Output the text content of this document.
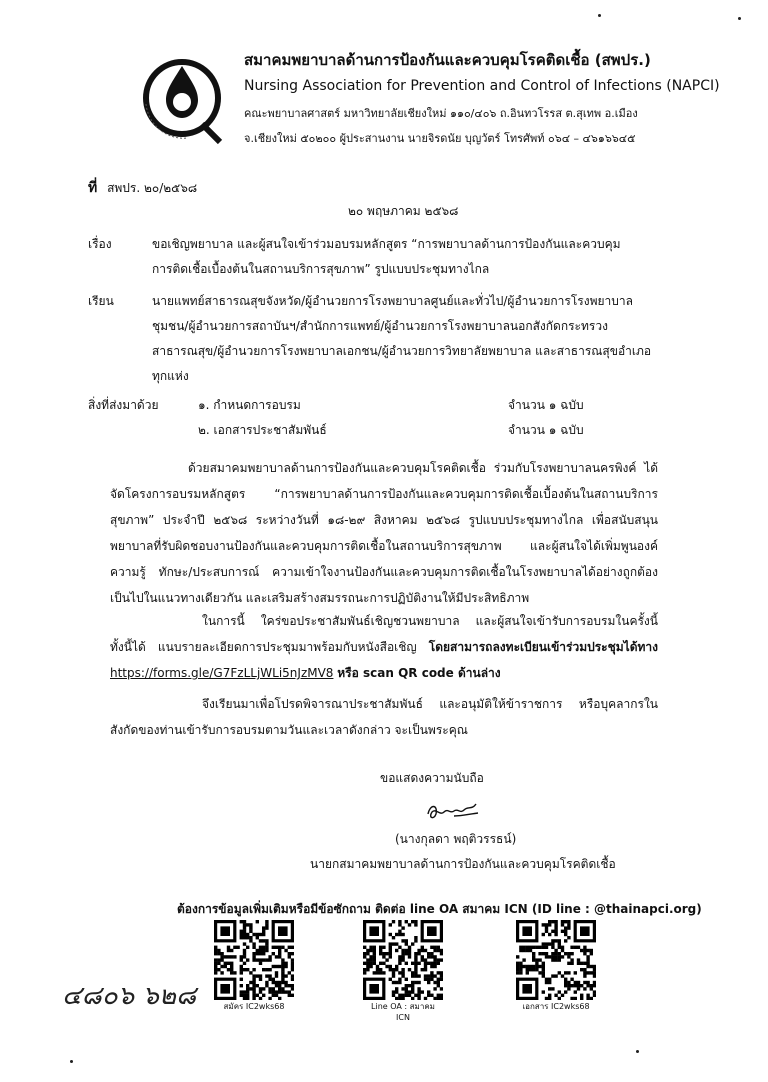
สมาคมพยาบาลด้านการป้องกันและควบคุมโรคติดเชื้อ (สพปร.)
Nursing Association for Prevention and Control of Infections (NAPCI)
คณะพยาบาลศาสตร์ มหาวิทยาลัยเชียงใหม่ ๑๑๐/๔๐๖ ถ.อินทวโรรส ต.สุเทพ อ.เมือง
จ.เชียงใหม่ ๕๐๒๐๐ ผู้ประสานงาน นายจิรดนัย บุญวัตร์ โทรศัพท์ ๐๖๔ – ๔๖๑๖๖๔๕
ที่ สพปร. ๒๐/๒๕๖๘
๒๐ พฤษภาคม ๒๕๖๘
เรื่อง	ขอเชิญพยาบาล และผู้สนใจเข้าร่วมอบรมหลักสูตร “การพยาบาลด้านการป้องกันและควบคุม
การติดเชื้อเบื้องต้นในสถานบริการสุขภาพ” รูปแบบประชุมทางไกล
เรียน	นายแพทย์สาธารณสุขจังหวัด/ผู้อำนวยการโรงพยาบาลศูนย์และทั่วไป/ผู้อำนวยการโรงพยาบาล
ชุมชน/ผู้อำนวยการสถาบันฯ/สำนักการแพทย์/ผู้อำนวยการโรงพยาบาลนอกสังกัดกระทรวง
สาธารณสุข/ผู้อำนวยการโรงพยาบาลเอกชน/ผู้อำนวยการวิทยาลัยพยาบาล และสาธารณสุขอำเภอ
ทุกแห่ง
สิ่งที่ส่งมาด้วย	๑. กำหนดการอบรม	จำนวน ๑ ฉบับ
๒. เอกสารประชาสัมพันธ์	จำนวน ๑ ฉบับ
ด้วยสมาคมพยาบาลด้านการป้องกันและควบคุมโรคติดเชื้อ ร่วมกับโรงพยาบาลนครพิงค์ ได้จัดโครงการอบรมหลักสูตร “การพยาบาลด้านการป้องกันและควบคุมการติดเชื้อเบื้องต้นในสถานบริการสุขภาพ” ประจำปี ๒๕๖๘ ระหว่างวันที่ ๑๘-๒๙ สิงหาคม ๒๕๖๘ รูปแบบประชุมทางไกล เพื่อสนับสนุนพยาบาลที่รับผิดชอบงานป้องกันและควบคุมการติดเชื้อในสถานบริการสุขภาพ และผู้สนใจได้เพิ่มพูนองค์ความรู้ ทักษะ/ประสบการณ์ ความเข้าใจงานป้องกันและควบคุมการติดเชื้อในโรงพยาบาลได้อย่างถูกต้อง เป็นไปในแนวทางเดียวกัน และเสริมสร้างสมรรถนะการปฏิบัติงานให้มีประสิทธิภาพ
ในการนี้ ใคร่ขอประชาสัมพันธ์เชิญชวนพยาบาล และผู้สนใจเข้ารับการอบรมในครั้งนี้ ทั้งนี้ได้ แนบรายละเอียดการประชุมมาพร้อมกับหนังสือเชิญ โดยสามารถลงทะเบียนเข้าร่วมประชุมได้ทาง https://forms.gle/G7FzLLjWLi5nJzMV8 หรือ scan QR code ด้านล่าง
จึงเรียนมาเพื่อโปรดพิจารณาประชาสัมพันธ์ และอนุมัติให้ข้าราชการ หรือบุคลากรในสังกัดของท่านเข้ารับการอบรมตามวันและเวลาดังกล่าว จะเป็นพระคุณ
ขอแสดงความนับถือ
(นางกุลดา พฤติวรรธน์)
นายกสมาคมพยาบาลด้านการป้องกันและควบคุมโรคติดเชื้อ
ต้องการข้อมูลเพิ่มเติมหรือมีข้อซักถาม ติดต่อ line OA สมาคม ICN (ID line : @thainapci.org)
สมัคร IC2wks68	Line OA : สมาคม ICN
เอกสาร IC2wks68
๔๘๐๖ ๖๒๘
